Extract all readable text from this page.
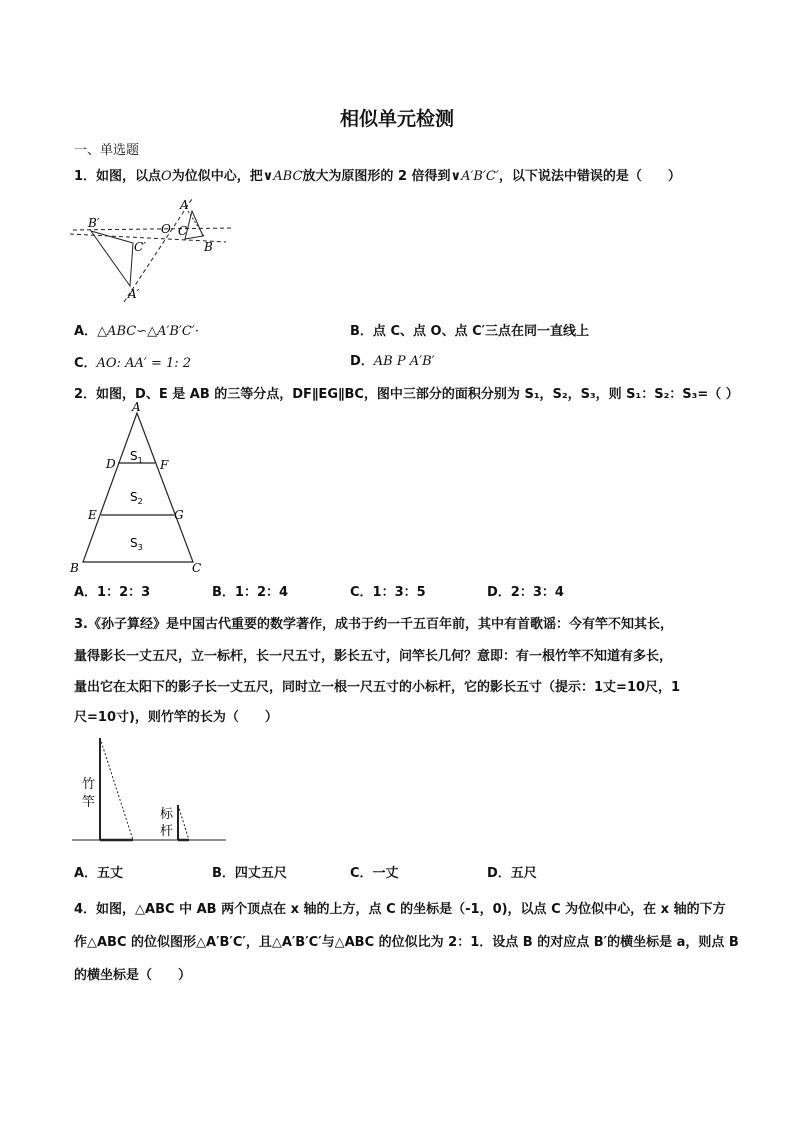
相似单元检测
一、单选题
1．如图，以点O为位似中心，把∨ABC放大为原图形的 2 倍得到∨A′B′C′，以下说法中错误的是（　　）
B′
C′
A′
O C
A
B
A．△ABC∽△A′B′C′·	B．点 C、点 O、点 C′三点在同一直线上
C．AO: AA′ = 1: 2	D．AB P A′B′
2．如图，D、E 是 AB 的三等分点，DF∥EG∥BC，图中三部分的面积分别为 S₁，S₂，S₃，则 S₁：S₂：S₃=（ ）
A
D	F
E	G
B	C
$S_1$
$S_2$
$S_3$
A．1：2：3	B．1：2：4	C．1：3：5	D．2：3：4
3.《孙子算经》是中国古代重要的数学著作，成书于约一千五百年前，其中有首歌谣：今有竿不知其长，
量得影长一丈五尺，立一标杆，长一尺五寸，影长五寸，问竿长几何？意即：有一根竹竿不知道有多长，
量出它在太阳下的影子长一丈五尺，同时立一根一尺五寸的小标杆，它的影长五寸（提示：1丈=10尺，1
尺=10寸)，则竹竿的长为（　　）
竹
竿
标
杆
A．五丈	B．四丈五尺	C．一丈	D．五尺
4．如图，△ABC 中 AB 两个顶点在 x 轴的上方，点 C 的坐标是（-1，0)，以点 C 为位似中心，在 x 轴的下方
作△ABC 的位似图形△A′B′C′，且△A′B′C′与△ABC 的位似比为 2：1．设点 B 的对应点 B′的横坐标是 a，则点 B
的横坐标是（　　）
